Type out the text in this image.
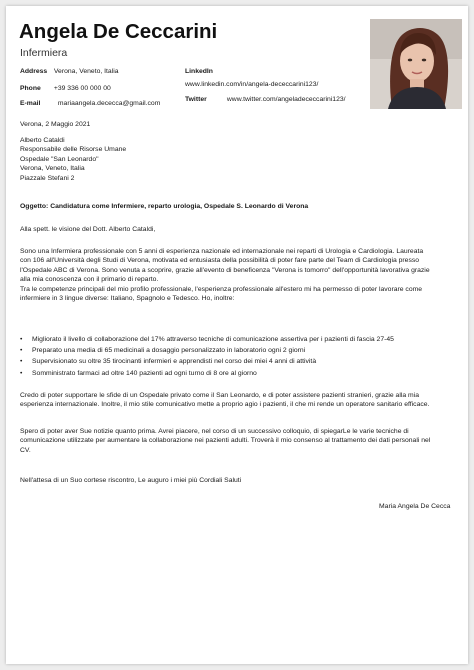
Angela De Ceccarini
Infermiera
Address Verona, Veneto, Italia
Phone +39 336 00 000 00
E-mail	mariaangela.dececca@gmail.com
LinkedIn
www.linkedin.com/in/angela-dececcarini123/
Twitter	www.twitter.com/angeladececcarini123/
Verona, 2 Maggio 2021
Alberto Cataldi
Responsabile delle Risorse Umane
Ospedale "San Leonardo"
Verona, Veneto, Italia
Piazzale Stefani 2
Oggetto: Candidatura come Infermiere, reparto urologia, Ospedale S. Leonardo di Verona
Alla spett. le visione del Dott. Alberto Cataldi,
Sono una Infermiera professionale con 5 anni di esperienza nazionale ed internazionale nei reparti di Urologia e Cardiologia. Laureata
con 106 all'Università degli Studi di Verona, motivata ed entusiasta della possibilità di poter fare parte del Team di Cardiologia presso
l'Ospedale ABC di Verona. Sono venuta a scoprire, grazie all'evento di beneficenza "Verona is tomorro" dell'opportunità lavorativa grazie
alla mia conoscenza con il primario di reparto.
Tra le competenze principali del mio profilo professionale, l'esperienza professionale all'estero mi ha permesso di poter lavorare come
infermiere in 3 lingue diverse: Italiano, Spagnolo e Tedesco. Ho, inoltre:
• Migliorato il livello di collaborazione del 17% attraverso tecniche di comunicazione assertiva per i pazienti di fascia 27-45
• Preparato una media di 65 medicinali a dosaggio personalizzato in laboratorio ogni 2 giorni
• Supervisionato su oltre 35 tirocinanti infermieri e apprendisti nel corso dei miei 4 anni di attività
• Somministrato farmaci ad oltre 140 pazienti ad ogni turno di 8 ore al giorno
Credo di poter supportare le sfide di un Ospedale privato come il San Leonardo, e di poter assistere pazienti stranieri, grazie alla mia
esperienza internazionale. Inoltre, il mio stile comunicativo mette a proprio agio i pazienti, il che mi rende un operatore sanitario efficace.
Spero di poter aver Sue notizie quanto prima. Avrei piacere, nel corso di un successivo colloquio, di spiegarLe le varie tecniche di
comunicazione utilizzate per aumentare la collaborazione nei pazienti adulti. Troverà il mio consenso al trattamento dei dati personali nel
CV.
Nell'attesa di un Suo cortese riscontro, Le auguro i miei più Cordiali Saluti
Maria Angela De Cecca
